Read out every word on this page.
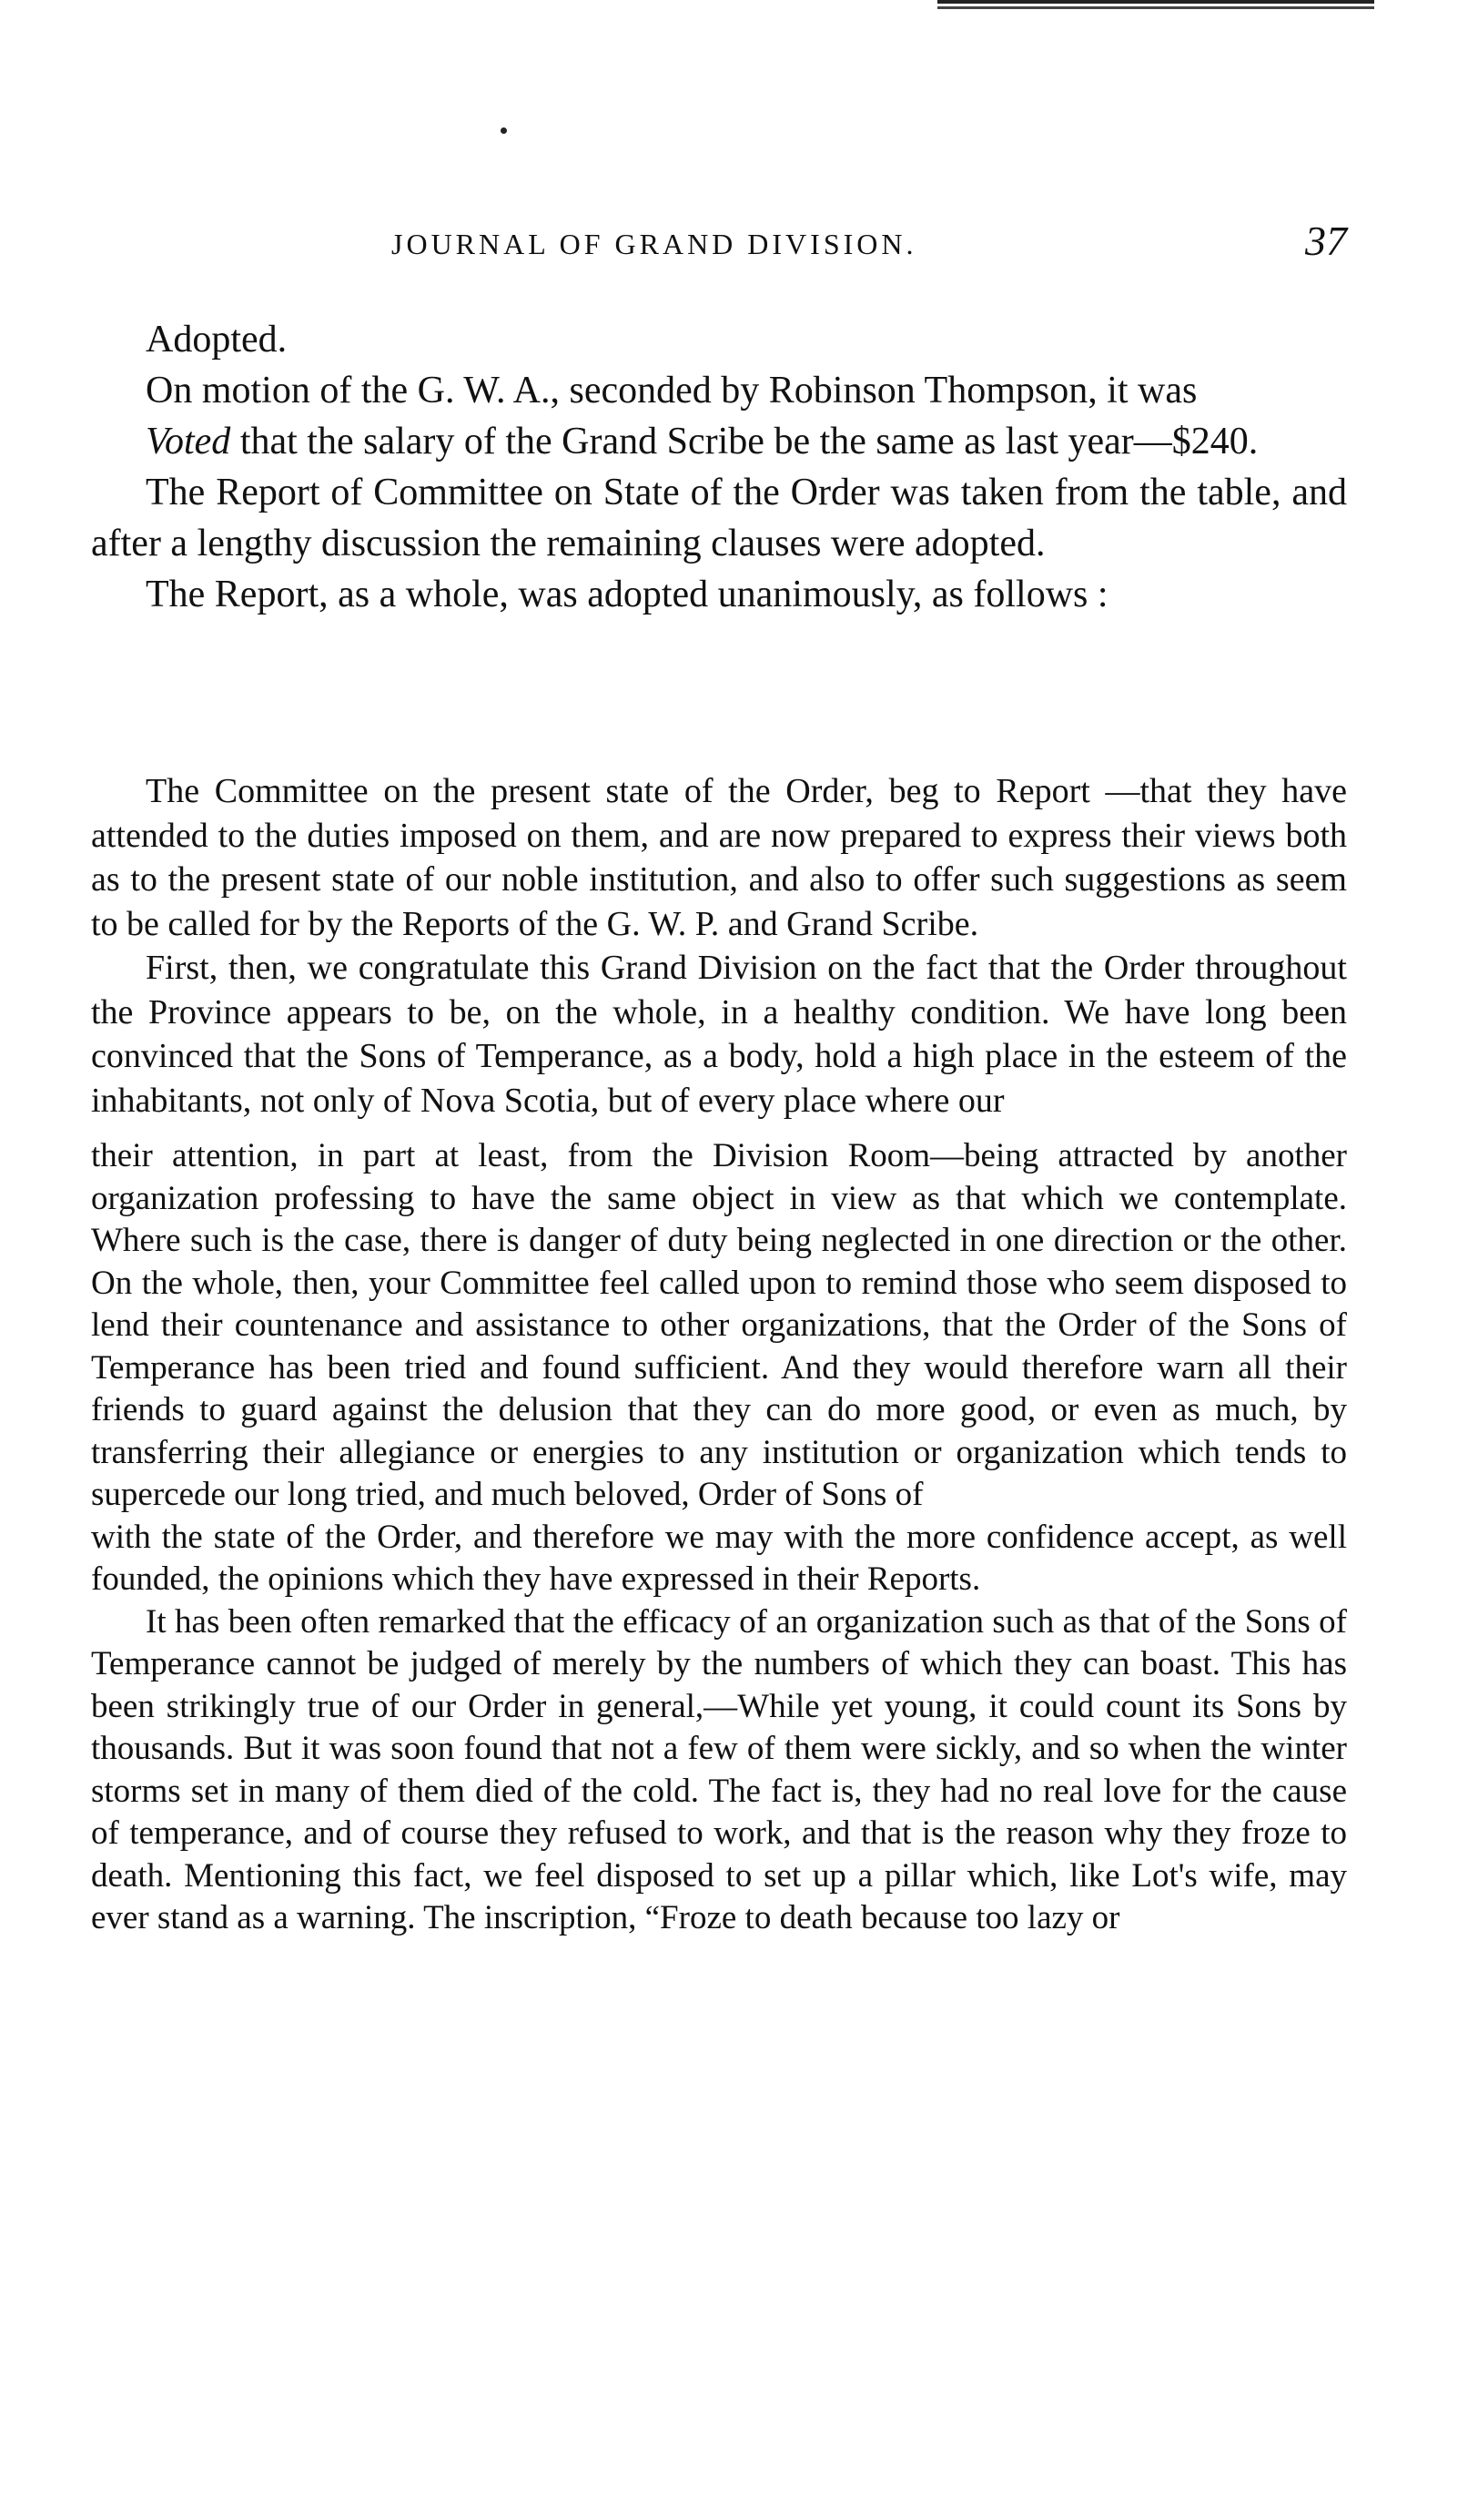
JOURNAL OF GRAND DIVISION.	37

Adopted.

On motion of the G. W. A., seconded by Robinson Thompson, it was

Voted that the salary of the Grand Scribe be the same as last year—$240.

The Report of Committee on State of the Order was taken from the table, and after a lengthy discussion the remaining clauses were adopted.

The Report, as a whole, was adopted unanimously, as follows :

The Committee on the present state of the Order, beg to Report —that they have attended to the duties imposed on them, and are now prepared to express their views both as to the present state of our noble institution, and also to offer such suggestions as seem to be called for by the Reports of the G. W. P. and Grand Scribe.

First, then, we congratulate this Grand Division on the fact that the Order throughout the Province appears to be, on the whole, in a healthy condition. We have long been convinced that the Sons of Temperance, as a body, hold a high place in the esteem of the inhabitants, not only of Nova Scotia, but of every place where our

their attention, in part at least, from the Division Room—being attracted by another organization professing to have the same object in view as that which we contemplate. Where such is the case, there is danger of duty being neglected in one direction or the other. On the whole, then, your Committee feel called upon to remind those who seem disposed to lend their countenance and assistance to other organizations, that the Order of the Sons of Temperance has been tried and found sufficient. And they would therefore warn all their friends to guard against the delusion that they can do more good, or even as much, by transferring their allegiance or energies to any institution or organization which tends to supercede our long tried, and much beloved, Order of Sons of

with the state of the Order, and therefore we may with the more confidence accept, as well founded, the opinions which they have expressed in their Reports.

It has been often remarked that the efficacy of an organization such as that of the Sons of Temperance cannot be judged of merely by the numbers of which they can boast. This has been strikingly true of our Order in general,—While yet young, it could count its Sons by thousands. But it was soon found that not a few of them were sickly, and so when the winter storms set in many of them died of the cold. The fact is, they had no real love for the cause of temperance, and of course they refused to work, and that is the reason why they froze to death. Mentioning this fact, we feel disposed to set up a pillar which, like Lot's wife, may ever stand as a warning. The inscription, “Froze to death because too lazy or
